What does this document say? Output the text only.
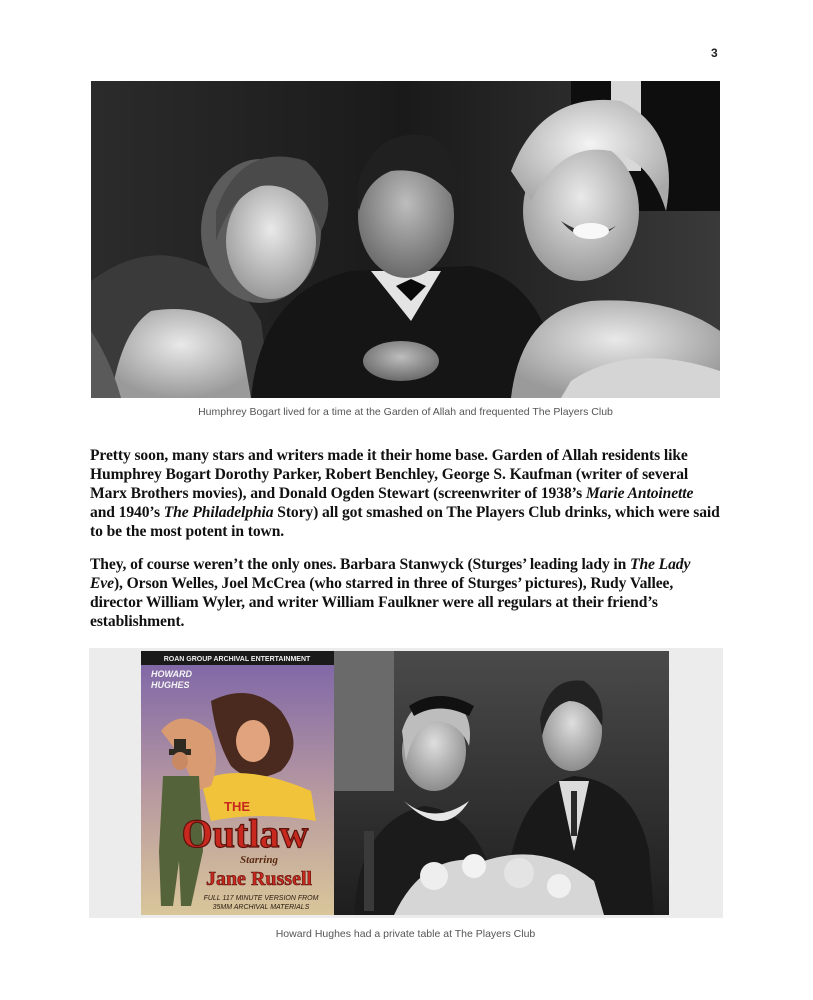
3
Humphrey Bogart lived for a time at the Garden of Allah and frequented The Players Club

Pretty soon, many stars and writers made it their home base. Garden of Allah residents like Humphrey Bogart Dorothy Parker, Robert Benchley, George S. Kaufman (writer of several Marx Brothers movies), and Donald Ogden Stewart (screenwriter of 1938’s Marie Antoinette and 1940’s The Philadelphia Story) all got smashed on The Players Club drinks, which were said to be the most potent in town.

They, of course weren’t the only ones. Barbara Stanwyck (Sturges’ leading lady in The Lady Eve), Orson Welles, Joel McCrea (who starred in three of Sturges’ pictures), Rudy Vallee, director William Wyler, and writer William Faulkner were all regulars at their friend’s establishment.

THE
Outlaw
Starring
Jane Russell
FULL 117 MINUTE VERSION FROM
35MM ARCHIVAL MATERIALS
ROAN GROUP ARCHIVAL ENTERTAINMENT
HOWARD
HUGHES
Howard Hughes had a private table at The Players Club
